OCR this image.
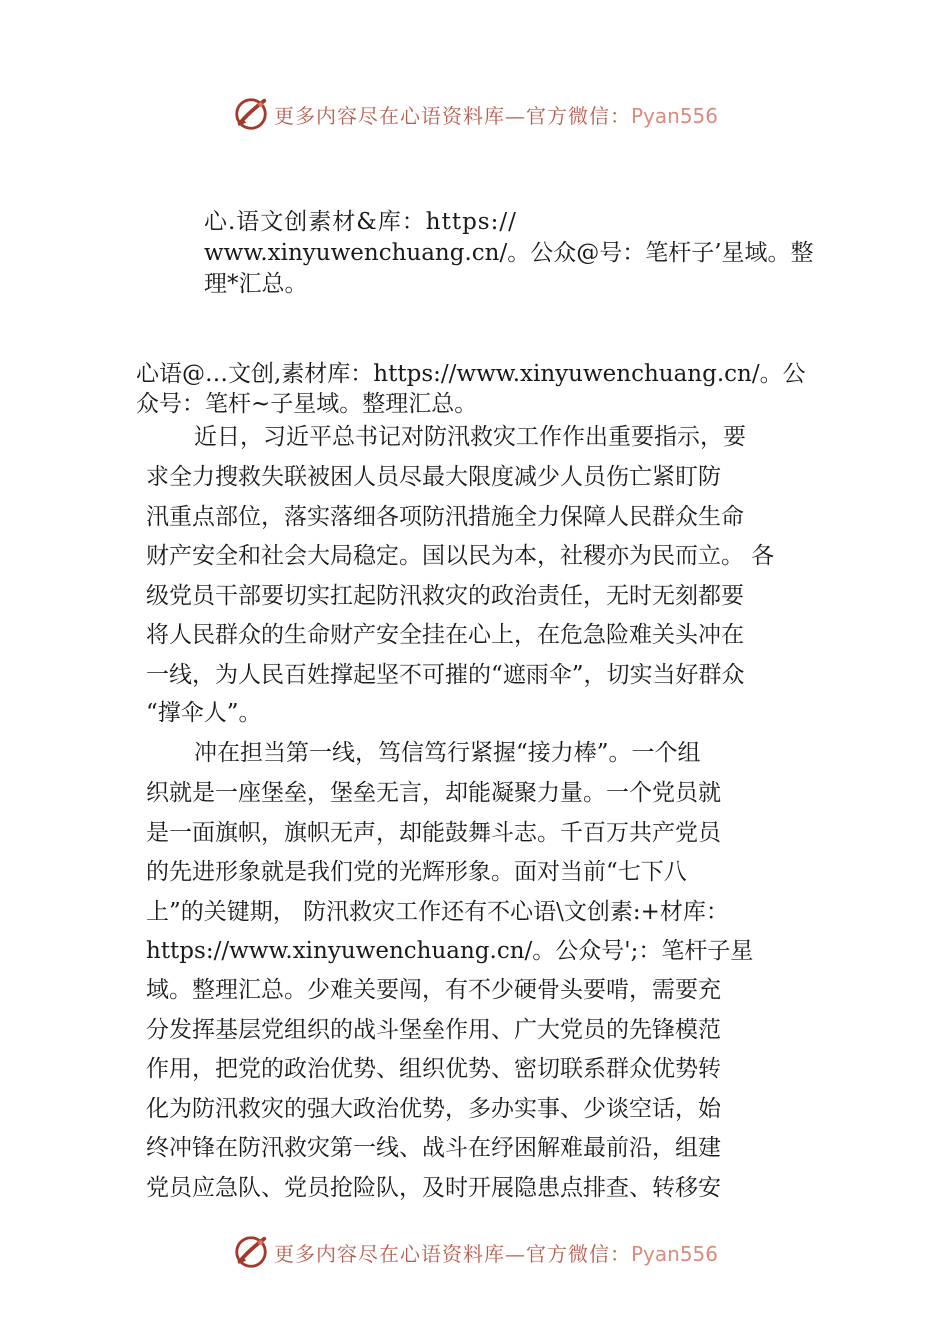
更多内容尽在心语资料库—官方微信：Pyan556
心.语文创素材&库：https://
www.xinyuwenchuang.cn/。公众@号：笔杆子’星域。整
理*汇总。

心语@…文创,素材库：https://www.xinyuwenchuang.cn/。公

众号：笔杆~子星域。整理汇总。

近日，习近平总书记对防汛救灾工作作出重要指示，要

求全力搜救失联被困人员尽最大限度减少人员伤亡紧盯防

汛重点部位，落实落细各项防汛措施全力保障人民群众生命

财产安全和社会大局稳定。国以民为本，社稷亦为民而立。 各

级党员干部要切实扛起防汛救灾的政治责任，无时无刻都要

将人民群众的生命财产安全挂在心上，在危急险难关头冲在

一线，为人民百姓撑起坚不可摧的“遮雨伞”，切实当好群众

“撑伞人”。

冲在担当第一线，笃信笃行紧握“接力棒”。一个组

织就是一座堡垒，堡垒无言，却能凝聚力量。一个党员就

是一面旗帜，旗帜无声，却能鼓舞斗志。千百万共产党员

的先进形象就是我们党的光辉形象。面对当前“七下八

上”的关键期， 防汛救灾工作还有不心语\文创素:+材库：

https://www.xinyuwenchuang.cn/。公众号';：笔杆子星

域。整理汇总。少难关要闯，有不少硬骨头要啃，需要充

分发挥基层党组织的战斗堡垒作用、广大党员的先锋模范

作用，把党的政治优势、组织优势、密切联系群众优势转

化为防汛救灾的强大政治优势，多办实事、少谈空话，始

终冲锋在防汛救灾第一线、战斗在纾困解难最前沿，组建

党员应急队、党员抢险队，及时开展隐患点排查、转移安

更多内容尽在心语资料库—官方微信：Pyan556
